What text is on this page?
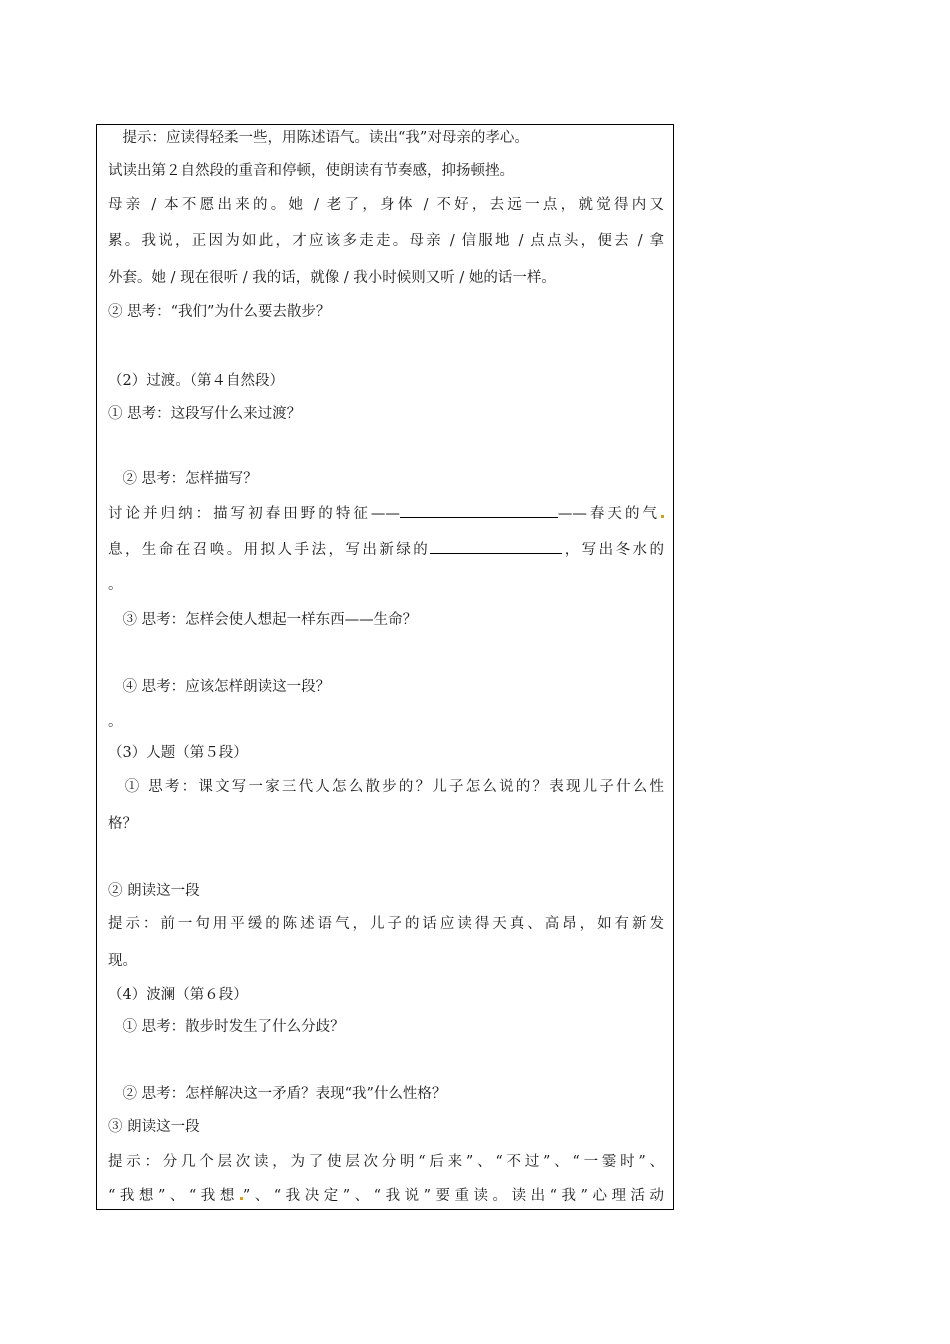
　提示：应读得轻柔一些，用陈述语气。读出“我”对母亲的孝心。
试读出第２自然段的重音和停顿，使朗读有节奏感，抑扬顿挫。
母亲 / 本不愿出来的。她 / 老了，身体 / 不好，去远一点，就觉得内又
累。我说，正因为如此，才应该多走走。母亲 / 信服地 / 点点头，便去 / 拿
外套。她 / 现在很听 / 我的话，就像 / 我小时候则又听 / 她的话一样。
② 思考：“我们”为什么要去散步？
（2）过渡。（第４自然段）
① 思考：这段写什么来过渡？
　② 思考：怎样描写？
讨论并归纳：描写初春田野的特征——	——春天的气
息，生命在召唤。用拟人手法，写出新绿的	，写出冬水的
。
　③ 思考：怎样会使人想起一样东西——生命？
　④ 思考：应该怎样朗读这一段？
。
（3）人题（第５段）
　① 思考：课文写一家三代人怎么散步的？儿子怎么说的？表现儿子什么性
格？
② 朗读这一段
提示：前一句用平缓的陈述语气，儿子的话应读得天真、高昂，如有新发
现。
（4）波澜（第６段）
　① 思考：散步时发生了什么分歧？
　② 思考：怎样解决这一矛盾？表现“我”什么性格？
③ 朗读这一段
提示：分几个层次读，为了使层次分明“后来”、“不过”、“一霎时”、
“我想”、“我想 ”、“我决定”、“我说”要重读。读出“我”心理活动
